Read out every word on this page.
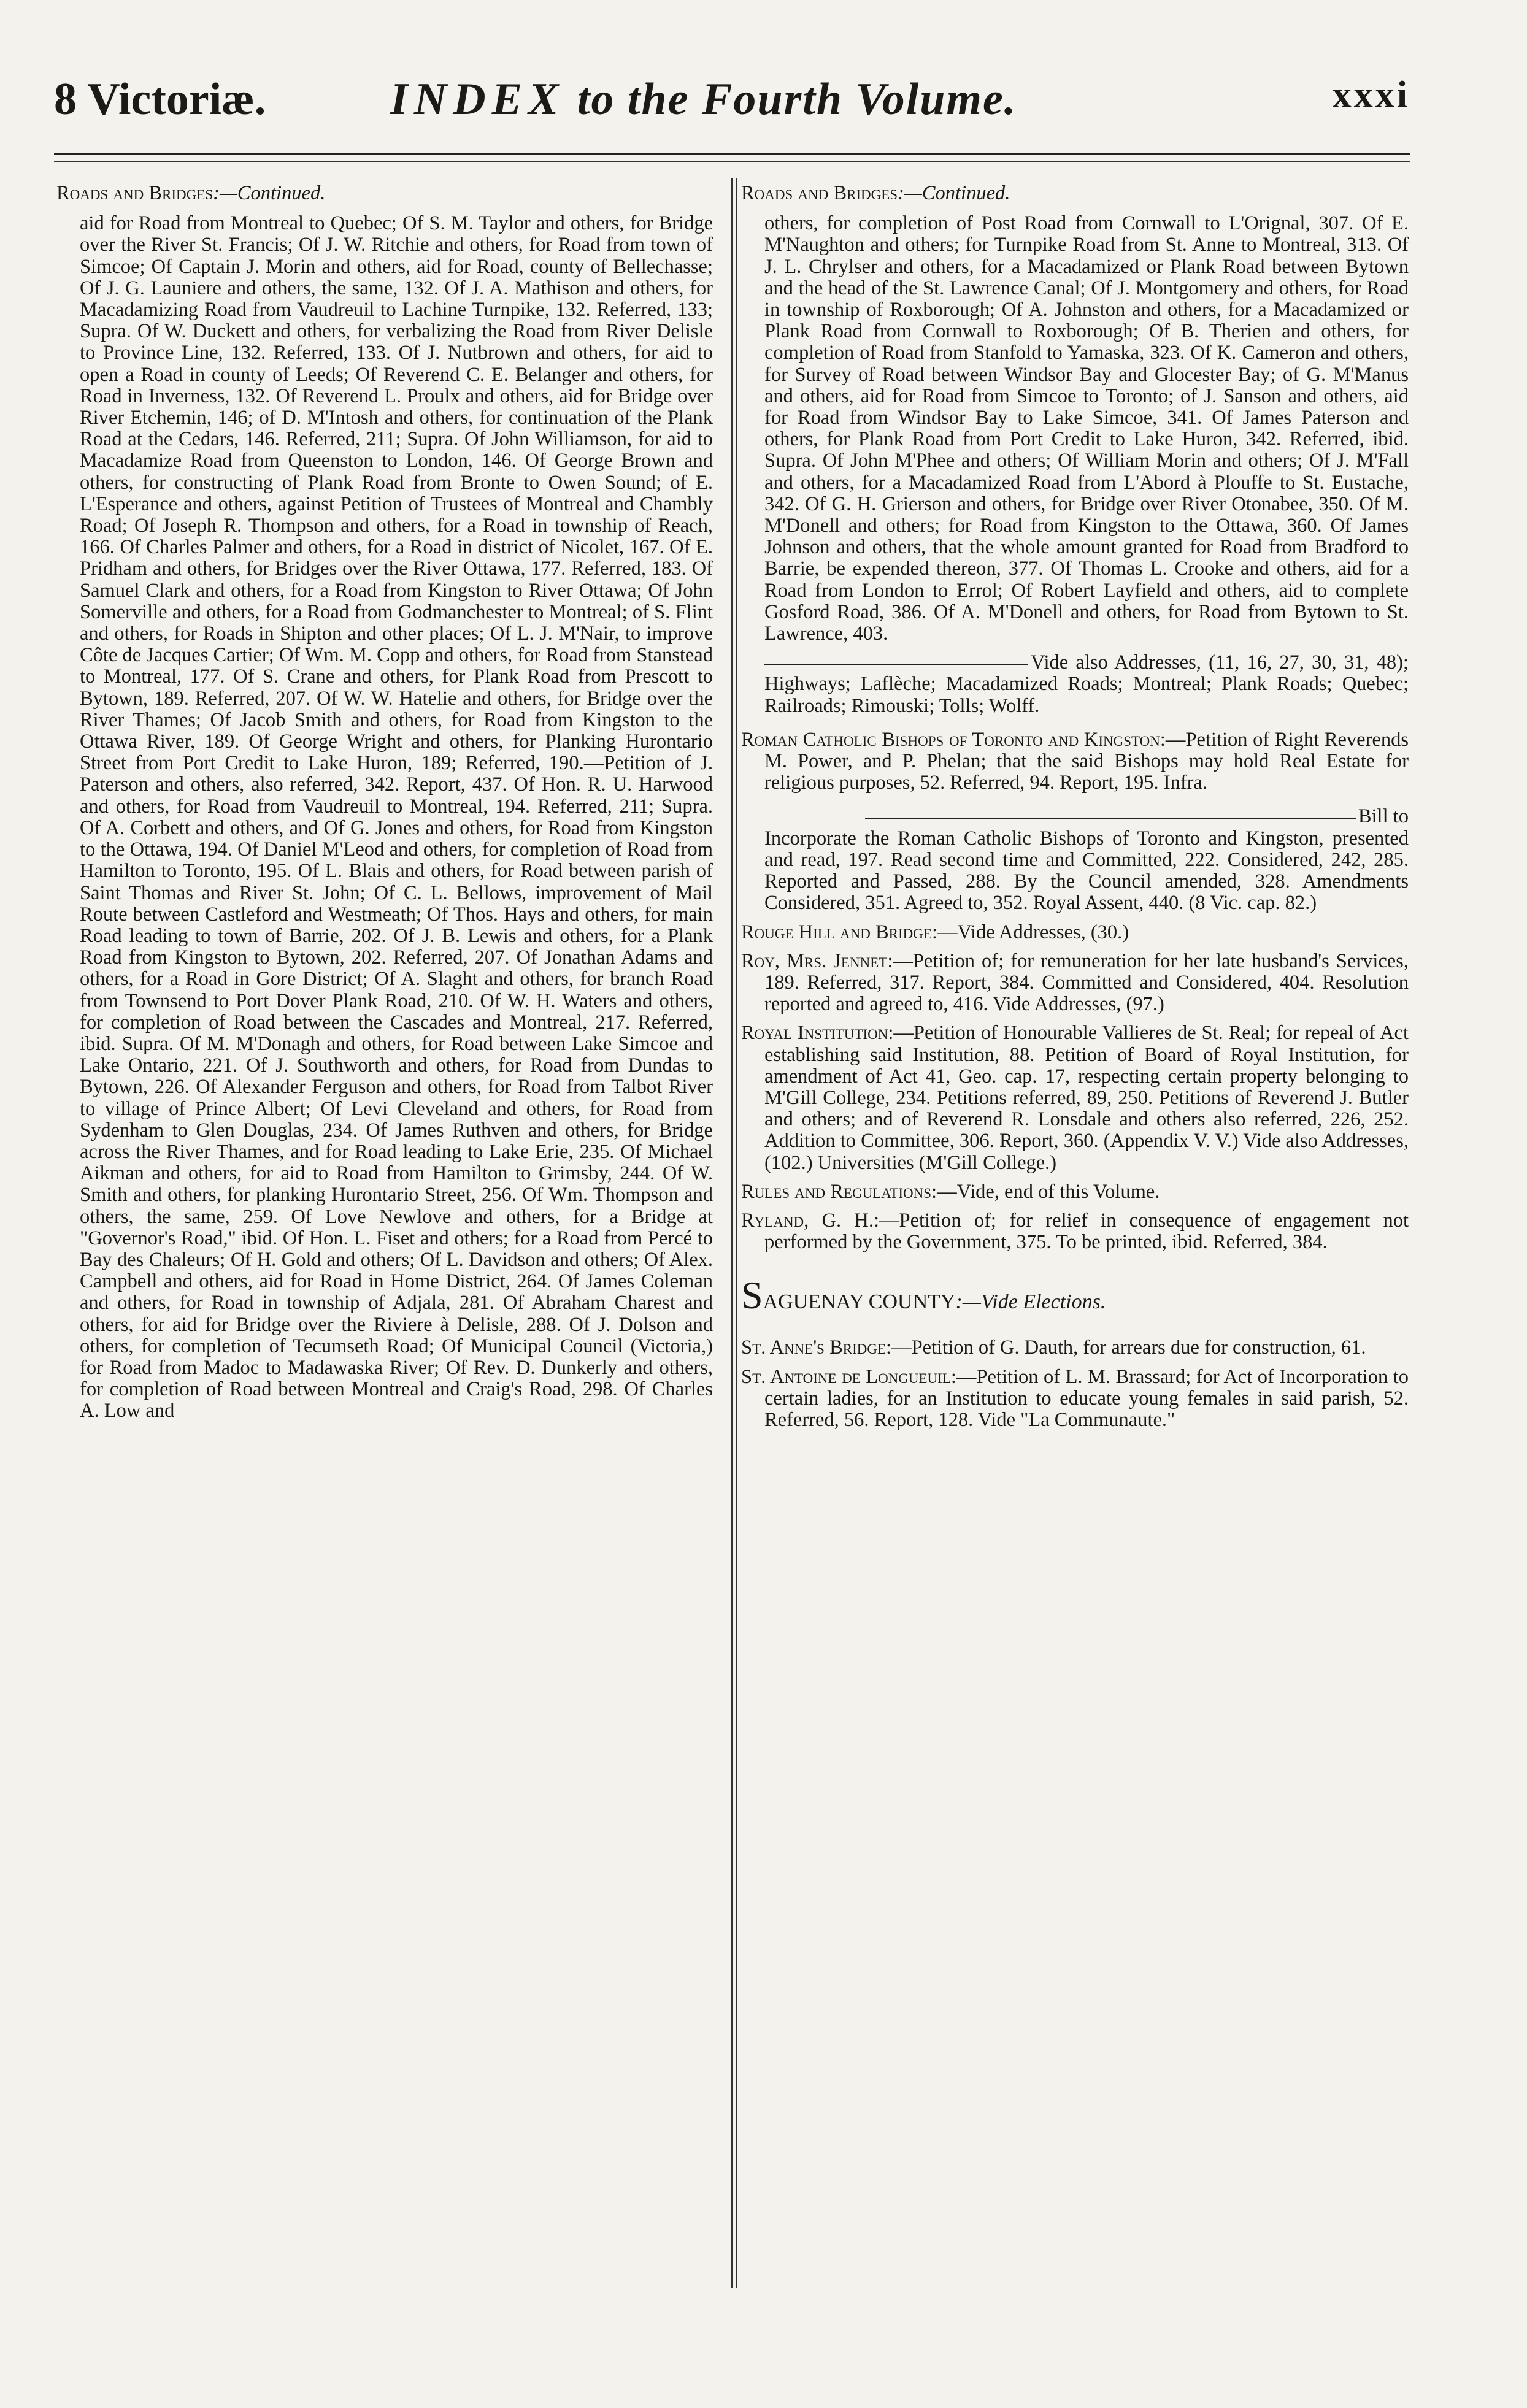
8 Victoriæ.	INDEX to the Fourth Volume.	xxxi
Roads and Bridges:—Continued.
aid for Road from Montreal to Quebec; Of S. M. Taylor and others, for Bridge over the River St. Francis; Of J. W. Ritchie and others, for Road from town of Simcoe; Of Captain J. Morin and others, aid for Road, county of Bellechasse; Of J. G. Launiere and others, the same, 132. Of J. A. Mathison and others, for Macadamizing Road from Vaudreuil to Lachine Turnpike, 132. Referred, 133; Supra. Of W. Duckett and others, for verbalizing the Road from River Delisle to Province Line, 132. Referred, 133. Of J. Nutbrown and others, for aid to open a Road in county of Leeds; Of Reverend C. E. Belanger and others, for Road in Inverness, 132. Of Reverend L. Proulx and others, aid for Bridge over River Etchemin, 146; of D. M'Intosh and others, for continuation of the Plank Road at the Cedars, 146. Referred, 211; Supra. Of John Williamson, for aid to Macadamize Road from Queenston to London, 146. Of George Brown and others, for constructing of Plank Road from Bronte to Owen Sound; of E. L'Esperance and others, against Petition of Trustees of Montreal and Chambly Road; Of Joseph R. Thompson and others, for a Road in township of Reach, 166. Of Charles Palmer and others, for a Road in district of Nicolet, 167. Of E. Pridham and others, for Bridges over the River Ottawa, 177. Referred, 183. Of Samuel Clark and others, for a Road from Kingston to River Ottawa; Of John Somerville and others, for a Road from Godmanchester to Montreal; of S. Flint and others, for Roads in Shipton and other places; Of L. J. M'Nair, to improve Côte de Jacques Cartier; Of Wm. M. Copp and others, for Road from Stanstead to Montreal, 177. Of S. Crane and others, for Plank Road from Prescott to Bytown, 189. Referred, 207. Of W. W. Hatelie and others, for Bridge over the River Thames; Of Jacob Smith and others, for Road from Kingston to the Ottawa River, 189. Of George Wright and others, for Planking Hurontario Street from Port Credit to Lake Huron, 189; Referred, 190.—Petition of J. Paterson and others, also referred, 342. Report, 437. Of Hon. R. U. Harwood and others, for Road from Vaudreuil to Montreal, 194. Referred, 211; Supra. Of A. Corbett and others, and Of G. Jones and others, for Road from Kingston to the Ottawa, 194. Of Daniel M'Leod and others, for completion of Road from Hamilton to Toronto, 195. Of L. Blais and others, for Road between parish of Saint Thomas and River St. John; Of C. L. Bellows, improvement of Mail Route between Castleford and Westmeath; Of Thos. Hays and others, for main Road leading to town of Barrie, 202. Of J. B. Lewis and others, for a Plank Road from Kingston to Bytown, 202. Referred, 207. Of Jonathan Adams and others, for a Road in Gore District; Of A. Slaght and others, for branch Road from Townsend to Port Dover Plank Road, 210. Of W. H. Waters and others, for completion of Road between the Cascades and Montreal, 217. Referred, ibid. Supra. Of M. M'Donagh and others, for Road between Lake Simcoe and Lake Ontario, 221. Of J. Southworth and others, for Road from Dundas to Bytown, 226. Of Alexander Ferguson and others, for Road from Talbot River to village of Prince Albert; Of Levi Cleveland and others, for Road from Sydenham to Glen Douglas, 234. Of James Ruthven and others, for Bridge across the River Thames, and for Road leading to Lake Erie, 235. Of Michael Aikman and others, for aid to Road from Hamilton to Grimsby, 244. Of W. Smith and others, for planking Hurontario Street, 256. Of Wm. Thompson and others, the same, 259. Of Love Newlove and others, for a Bridge at "Governor's Road," ibid. Of Hon. L. Fiset and others; for a Road from Percé to Bay des Chaleurs; Of H. Gold and others; Of L. Davidson and others; Of Alex. Campbell and others, aid for Road in Home District, 264. Of James Coleman and others, for Road in township of Adjala, 281. Of Abraham Charest and others, for aid for Bridge over the Riviere à Delisle, 288. Of J. Dolson and others, for completion of Tecumseth Road; Of Municipal Council (Victoria,) for Road from Madoc to Madawaska River; Of Rev. D. Dunkerly and others, for completion of Road between Montreal and Craig's Road, 298. Of Charles A. Low and
Roads and Bridges:—Continued.
others, for completion of Post Road from Cornwall to L'Orignal, 307. Of E. M'Naughton and others; for Turnpike Road from St. Anne to Montreal, 313. Of J. L. Chrylser and others, for a Macadamized or Plank Road between Bytown and the head of the St. Lawrence Canal; Of J. Montgomery and others, for Road in township of Roxborough; Of A. Johnston and others, for a Macadamized or Plank Road from Cornwall to Roxborough; Of B. Therien and others, for completion of Road from Stanfold to Yamaska, 323. Of K. Cameron and others, for Survey of Road between Windsor Bay and Glocester Bay; of G. M'Manus and others, aid for Road from Simcoe to Toronto; of J. Sanson and others, aid for Road from Windsor Bay to Lake Simcoe, 341. Of James Paterson and others, for Plank Road from Port Credit to Lake Huron, 342. Referred, ibid. Supra. Of John M'Phee and others; Of William Morin and others; Of J. M'Fall and others, for a Macadamized Road from L'Abord à Plouffe to St. Eustache, 342. Of G. H. Grierson and others, for Bridge over River Otonabee, 350. Of M. M'Donell and others; for Road from Kingston to the Ottawa, 360. Of James Johnson and others, that the whole amount granted for Road from Bradford to Barrie, be expended thereon, 377. Of Thomas L. Crooke and others, aid for a Road from London to Errol; Of Robert Layfield and others, aid to complete Gosford Road, 386. Of A. M'Donell and others, for Road from Bytown to St. Lawrence, 403.
Vide also Addresses, (11, 16, 27, 30, 31, 48); Highways; Laflèche; Macadamized Roads; Montreal; Plank Roads; Quebec; Railroads; Rimouski; Tolls; Wolff.
Roman Catholic Bishops of Toronto and Kingston:—Petition of Right Reverends M. Power, and P. Phelan; that the said Bishops may hold Real Estate for religious purposes, 52. Referred, 94. Report, 195. Infra.
Bill to
Incorporate the Roman Catholic Bishops of Toronto and Kingston, presented and read, 197. Read second time and Committed, 222. Considered, 242, 285. Reported and Passed, 288. By the Council amended, 328. Amendments Considered, 351. Agreed to, 352. Royal Assent, 440. (8 Vic. cap. 82.)
Rouge Hill and Bridge:—Vide Addresses, (30.)
Roy, Mrs. Jennet:—Petition of; for remuneration for her late husband's Services, 189. Referred, 317. Report, 384. Committed and Considered, 404. Resolution reported and agreed to, 416. Vide Addresses, (97.)
Royal Institution:—Petition of Honourable Vallieres de St. Real; for repeal of Act establishing said Institution, 88. Petition of Board of Royal Institution, for amendment of Act 41, Geo. cap. 17, respecting certain property belonging to M'Gill College, 234. Petitions referred, 89, 250. Petitions of Reverend J. Butler and others; and of Reverend R. Lonsdale and others also referred, 226, 252. Addition to Committee, 306. Report, 360. (Appendix V. V.) Vide also Addresses, (102.) Universities (M'Gill College.)
Rules and Regulations:—Vide, end of this Volume.
Ryland, G. H.:—Petition of; for relief in consequence of engagement not performed by the Government, 375. To be printed, ibid. Referred, 384.
SAGUENAY COUNTY:—Vide Elections.
St. Anne's Bridge:—Petition of G. Dauth, for arrears due for construction, 61.
St. Antoine de Longueuil:—Petition of L. M. Brassard; for Act of Incorporation to certain ladies, for an Institution to educate young females in said parish, 52. Referred, 56. Report, 128. Vide "La Communaute."
